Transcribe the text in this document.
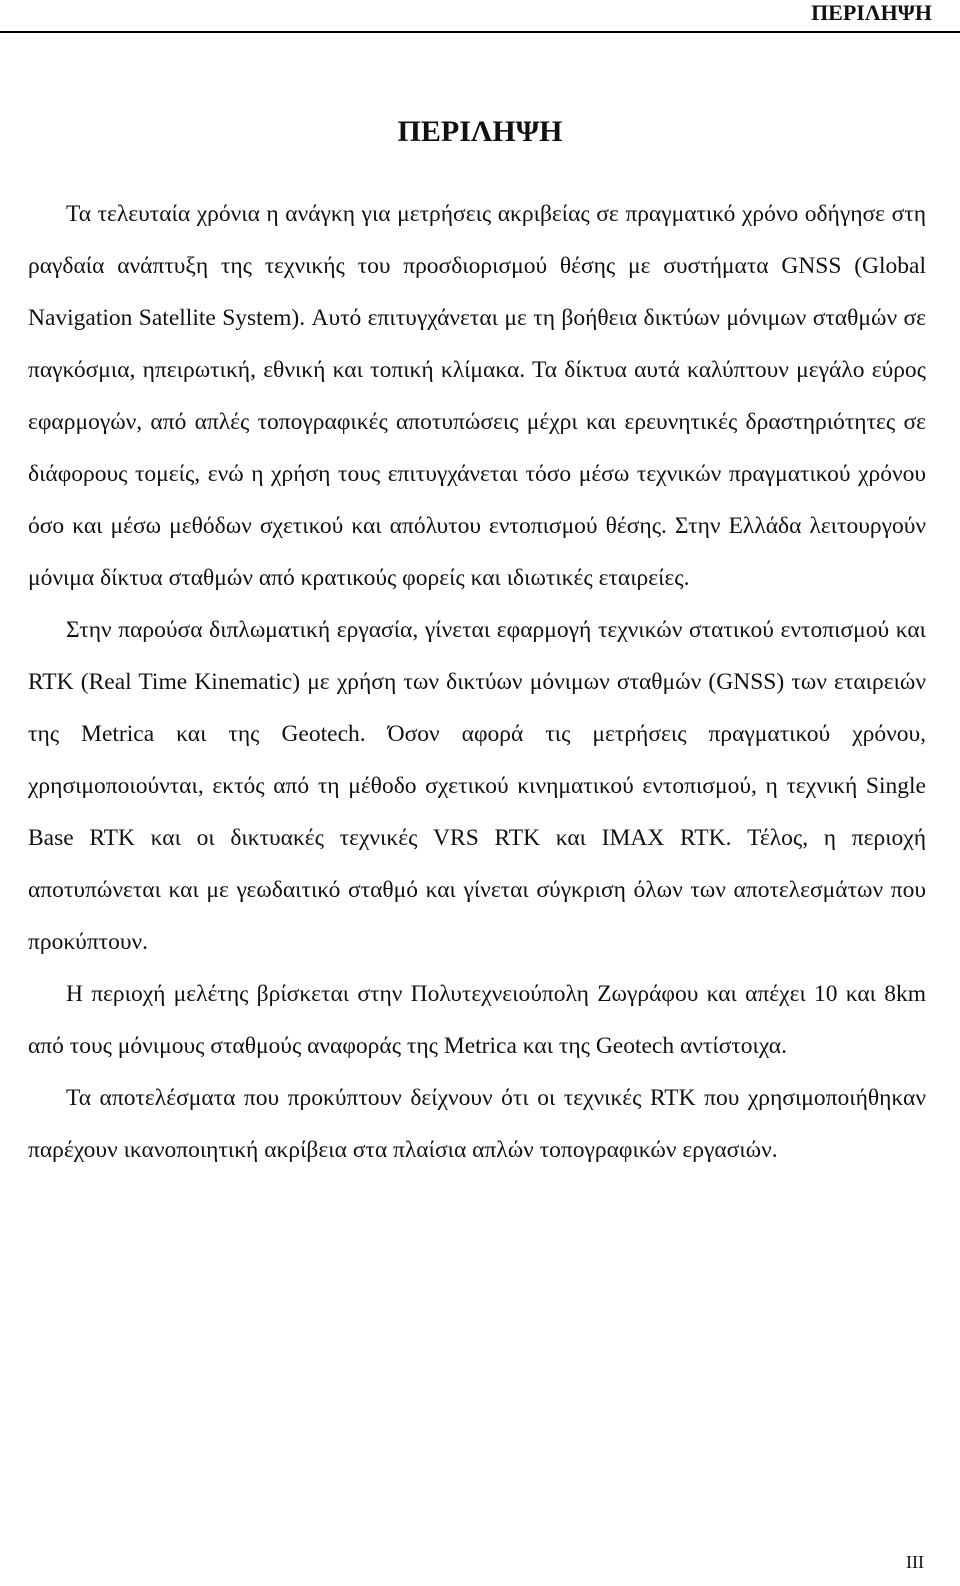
ΠΕΡΙΛΗΨΗ
ΠΕΡΙΛΗΨΗ

Τα τελευταία χρόνια η ανάγκη για μετρήσεις ακριβείας σε πραγματικό χρόνο οδήγησε στη ραγδαία ανάπτυξη της τεχνικής του προσδιορισμού θέσης με συστήματα GNSS (Global Navigation Satellite System). Αυτό επιτυγχάνεται με τη βοήθεια δικτύων μόνιμων σταθμών σε παγκόσμια, ηπειρωτική, εθνική και τοπική κλίμακα. Τα δίκτυα αυτά καλύπτουν μεγάλο εύρος εφαρμογών, από απλές τοπογραφικές αποτυπώσεις μέχρι και ερευνητικές δραστηριότητες σε διάφορους τομείς, ενώ η χρήση τους επιτυγχάνεται τόσο μέσω τεχνικών πραγματικού χρόνου όσο και μέσω μεθόδων σχετικού και απόλυτου εντοπισμού θέσης. Στην Ελλάδα λειτουργούν μόνιμα δίκτυα σταθμών από κρατικούς φορείς και ιδιωτικές εταιρείες.

Στην παρούσα διπλωματική εργασία, γίνεται εφαρμογή τεχνικών στατικού εντοπισμού και RTK (Real Time Kinematic) με χρήση των δικτύων μόνιμων σταθμών (GNSS) των εταιρειών της Metrica και της Geotech. Όσον αφορά τις μετρήσεις πραγματικού χρόνου, χρησιμοποιούνται, εκτός από τη μέθοδο σχετικού κινηματικού εντοπισμού, η τεχνική Single Base RTK και οι δικτυακές τεχνικές VRS RTK και IMAX RTK. Τέλος, η περιοχή αποτυπώνεται και με γεωδαιτικό σταθμό και γίνεται σύγκριση όλων των αποτελεσμάτων που προκύπτουν.

Η περιοχή μελέτης βρίσκεται στην Πολυτεχνειούπολη Ζωγράφου και απέχει 10 και 8km από τους μόνιμους σταθμούς αναφοράς της Metrica και της Geotech αντίστοιχα.

Τα αποτελέσματα που προκύπτουν δείχνουν ότι οι τεχνικές RTK που χρησιμοποιήθηκαν παρέχουν ικανοποιητική ακρίβεια στα πλαίσια απλών τοπογραφικών εργασιών.

III
